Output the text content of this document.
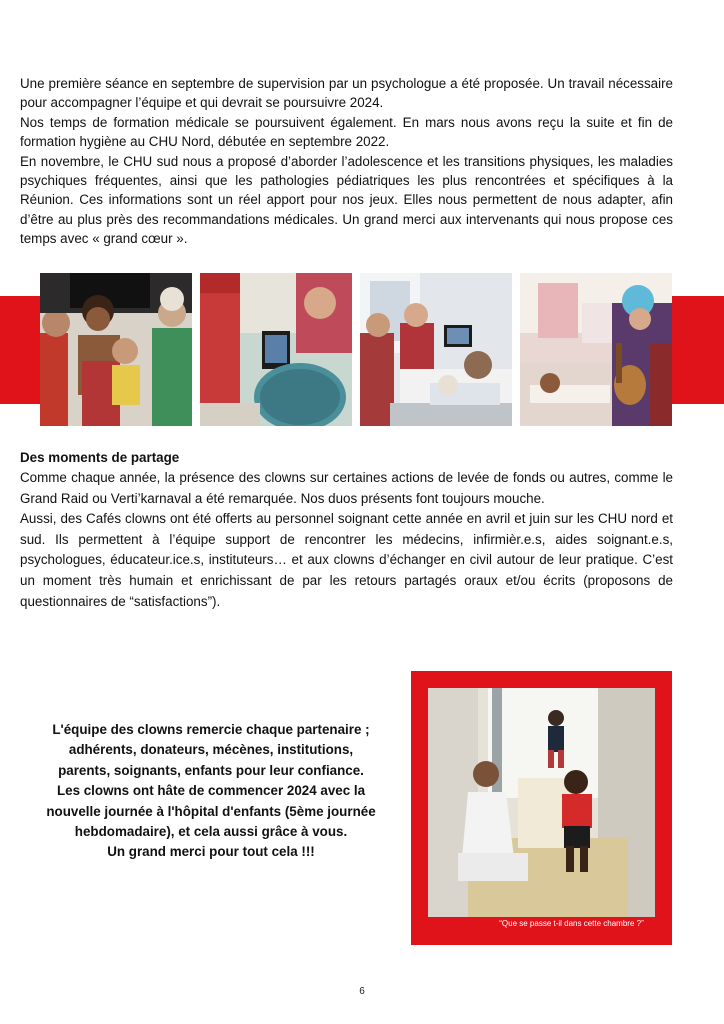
Une première séance en septembre de supervision par un psychologue a été proposée. Un travail nécessaire pour accompagner l’équipe et qui devrait se poursuivre 2024.

Nos temps de formation médicale se poursuivent également. En mars nous avons reçu la suite et fin de formation hygiène au CHU Nord, débutée en septembre 2022.

En novembre, le CHU sud nous a proposé d’aborder l’adolescence et les transitions physiques, les maladies psychiques fréquentes, ainsi que les pathologies pédiatriques les plus rencontrées et spécifiques à la Réunion. Ces informations sont un réel apport pour nos jeux. Elles nous permettent de nous adapter, afin d’être au plus près des recommandations médicales. Un grand merci aux intervenants qui nous propose ces temps avec « grand cœur ».

Des moments de partage

Comme chaque année, la présence des clowns sur certaines actions de levée de fonds ou autres, comme le Grand Raid ou Verti’karnaval a été remarquée. Nos duos présents font toujours mouche.

Aussi, des Cafés clowns ont été offerts au personnel soignant cette année en avril et juin sur les CHU nord et sud. Ils permettent à l’équipe support de rencontrer les médecins, infirmièr.e.s, aides soignant.e.s, psychologues, éducateur.ice.s, instituteurs… et aux clowns d’échanger en civil autour de leur pratique. C’est un moment très humain et enrichissant de par les retours partagés oraux et/ou écrits (proposons de questionnaires de “satisfactions”).

L'équipe des clowns remercie chaque partenaire ;
adhérents, donateurs, mécènes, institutions,
parents, soignants, enfants pour leur confiance.
Les clowns ont hâte de commencer 2024 avec la
nouvelle journée à l'hôpital d'enfants (5ème journée
hebdomadaire), et cela aussi grâce à vous.
Un grand merci pour tout cela !!!
“Que se passe t-il dans cette chambre ?”
6
